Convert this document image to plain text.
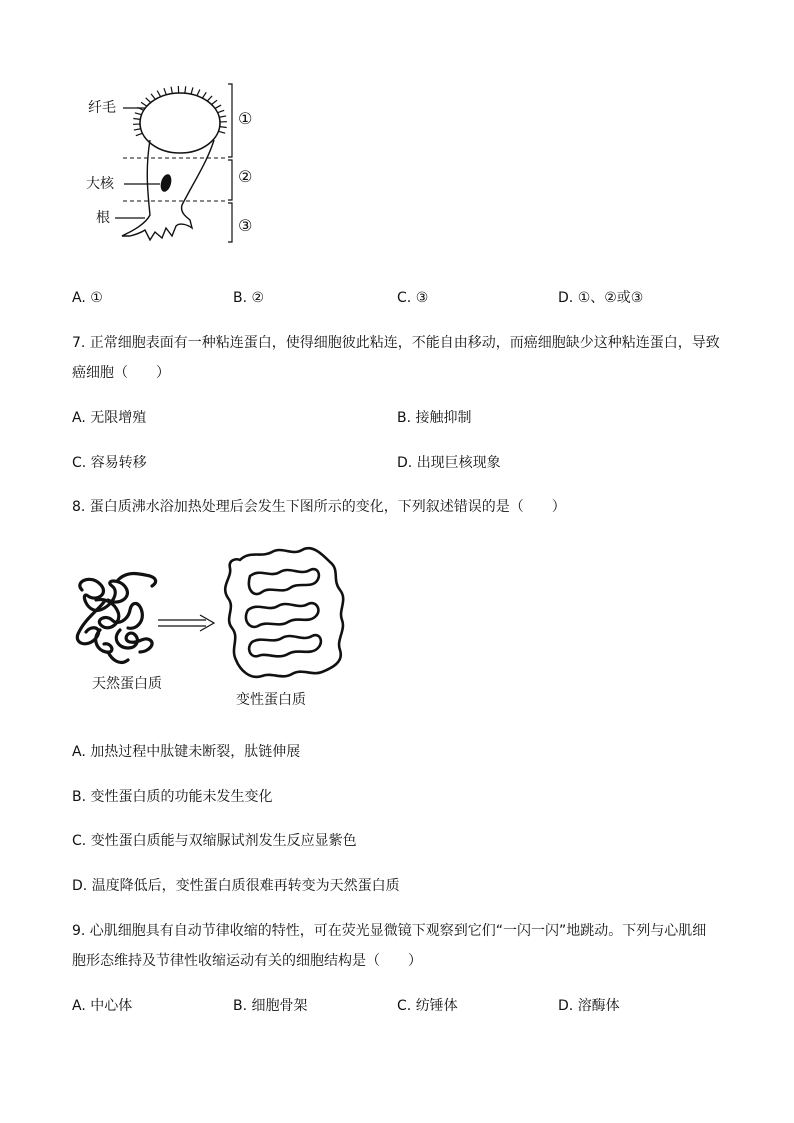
纤毛
大核
根
①
②
③
A. ①	B. ②	C. ③	D. ①、②或③
7. 正常细胞表面有一种粘连蛋白，使得细胞彼此粘连，不能自由移动，而癌细胞缺少这种粘连蛋白，导致
癌细胞（　　）
A. 无限增殖	B. 接触抑制
C. 容易转移	D. 出现巨核现象
8. 蛋白质沸水浴加热处理后会发生下图所示的变化，下列叙述错误的是（　　）
天然蛋白质
变性蛋白质
A. 加热过程中肽键未断裂，肽链伸展
B. 变性蛋白质的功能未发生变化
C. 变性蛋白质能与双缩脲试剂发生反应显紫色
D. 温度降低后，变性蛋白质很难再转变为天然蛋白质
9. 心肌细胞具有自动节律收缩的特性，可在荧光显微镜下观察到它们“一闪一闪”地跳动。下列与心肌细
胞形态维持及节律性收缩运动有关的细胞结构是（　　）
A. 中心体	B. 细胞骨架	C. 纺锤体	D. 溶酶体
